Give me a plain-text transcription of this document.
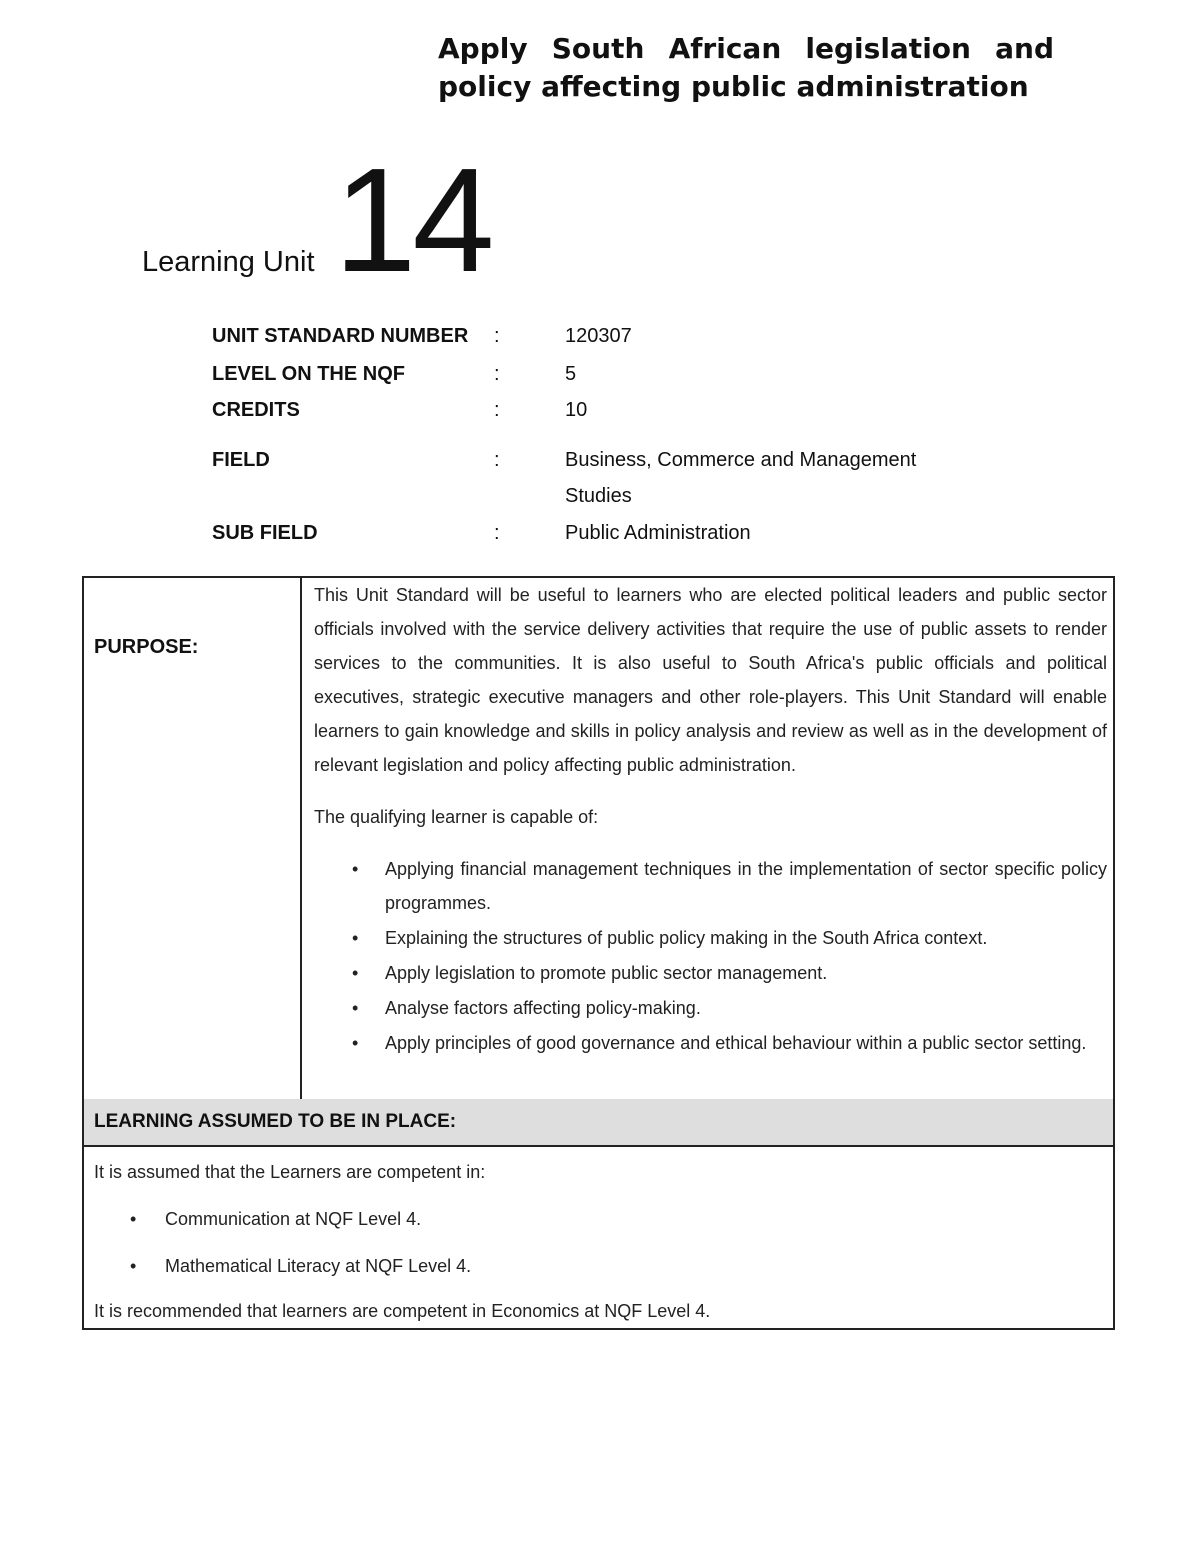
Apply South African legislation and
policy affecting public administration
Learning Unit 14
UNIT STANDARD NUMBER :	120307
LEVEL ON THE NQF	:	5
CREDITS	:	10
FIELD	:	Business, Commerce and Management Studies
SUB FIELD	:	Public Administration
PURPOSE:

This Unit Standard will be useful to learners who are elected political leaders and public sector officials involved with the service delivery activities that require the use of public assets to render services to the communities. It is also useful to South Africa's public officials and political executives, strategic executive managers and other role-players. This Unit Standard will enable learners to gain knowledge and skills in policy analysis and review as well as in the development of relevant legislation and policy affecting public administration.

The qualifying learner is capable of:

• Applying financial management techniques in the implementation of sector specific policy programmes.
• Explaining the structures of public policy making in the South Africa context.
• Apply legislation to promote public sector management.
• Analyse factors affecting policy-making.
• Apply principles of good governance and ethical behaviour within a public sector setting.
LEARNING ASSUMED TO BE IN PLACE:

It is assumed that the Learners are competent in:

• Communication at NQF Level 4.
• Mathematical Literacy at NQF Level 4.

It is recommended that learners are competent in Economics at NQF Level 4.
